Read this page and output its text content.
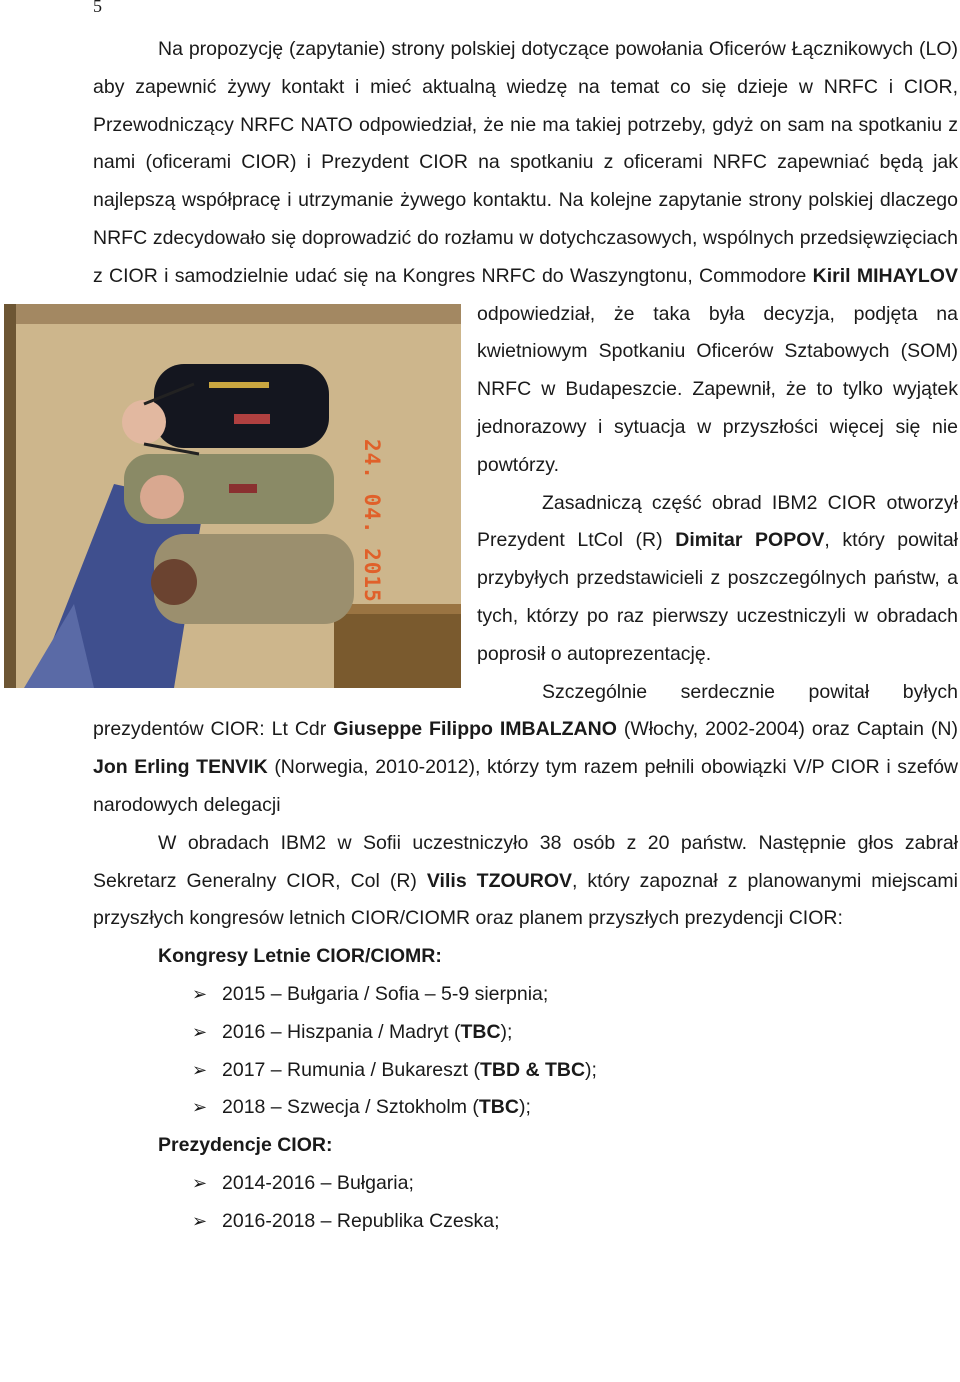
5

Na propozycję (zapytanie) strony polskiej dotyczące powołania Oficerów Łącznikowych (LO) aby zapewnić żywy kontakt i mieć aktualną wiedzę na temat co się dzieje w NRFC i CIOR, Przewodniczący NRFC NATO odpowiedział, że nie ma takiej potrzeby, gdyż on sam na spotkaniu z nami (oficerami CIOR) i Prezydent CIOR na spotkaniu z oficerami NRFC zapewniać będą jak najlepszą współpracę i utrzymanie żywego kontaktu. Na kolejne zapytanie strony polskiej dlaczego NRFC zdecydowało się doprowadzić do rozłamu w dotychczasowych, wspólnych przedsięwzięciach z CIOR i samodzielnie udać się na Kongres NRFC do Waszyngtonu, Commodore
24. 04. 2015
Kiril MIHAYLOV odpowiedział, że taka była decyzja, podjęta na kwietniowym Spotkaniu Oficerów Sztabowych (SOM) NRFC w Budapeszcie. Zapewnił, że to tylko wyjątek jednorazowy i sytuacja w przyszłości więcej się nie powtórzy.

Zasadniczą część obrad IBM2 CIOR otworzył Prezydent LtCol (R) Dimitar POPOV, który powitał przybyłych przedstawicieli z poszczególnych państw, a tych, którzy po raz pierwszy uczestniczyli w obradach poprosił o autoprezentację.

Szczególnie serdecznie powitał byłych prezydentów CIOR: Lt Cdr Giuseppe Filippo IMBALZANO (Włochy, 2002-2004) oraz Captain (N) Jon Erling TENVIK (Norwegia, 2010-2012), którzy tym razem pełnili obowiązki V/P CIOR i szefów narodowych delegacji

W obradach IBM2 w Sofii uczestniczyło 38 osób z 20 państw. Następnie głos zabrał Sekretarz Generalny CIOR, Col (R) Vilis TZOUROV, który zapoznał z planowanymi miejscami przyszłych kongresów letnich CIOR/CIOMR oraz planem przyszłych prezydencji CIOR:

Kongresy Letnie CIOR/CIOMR:
➢ 2015 – Bułgaria / Sofia – 5-9 sierpnia;
➢ 2016 – Hiszpania / Madryt (TBC);
➢ 2017 – Rumunia / Bukareszt (TBD & TBC);
➢ 2018 – Szwecja / Sztokholm (TBC);
Prezydencje CIOR:
➢ 2014-2016 – Bułgaria;
➢ 2016-2018 – Republika Czeska;
